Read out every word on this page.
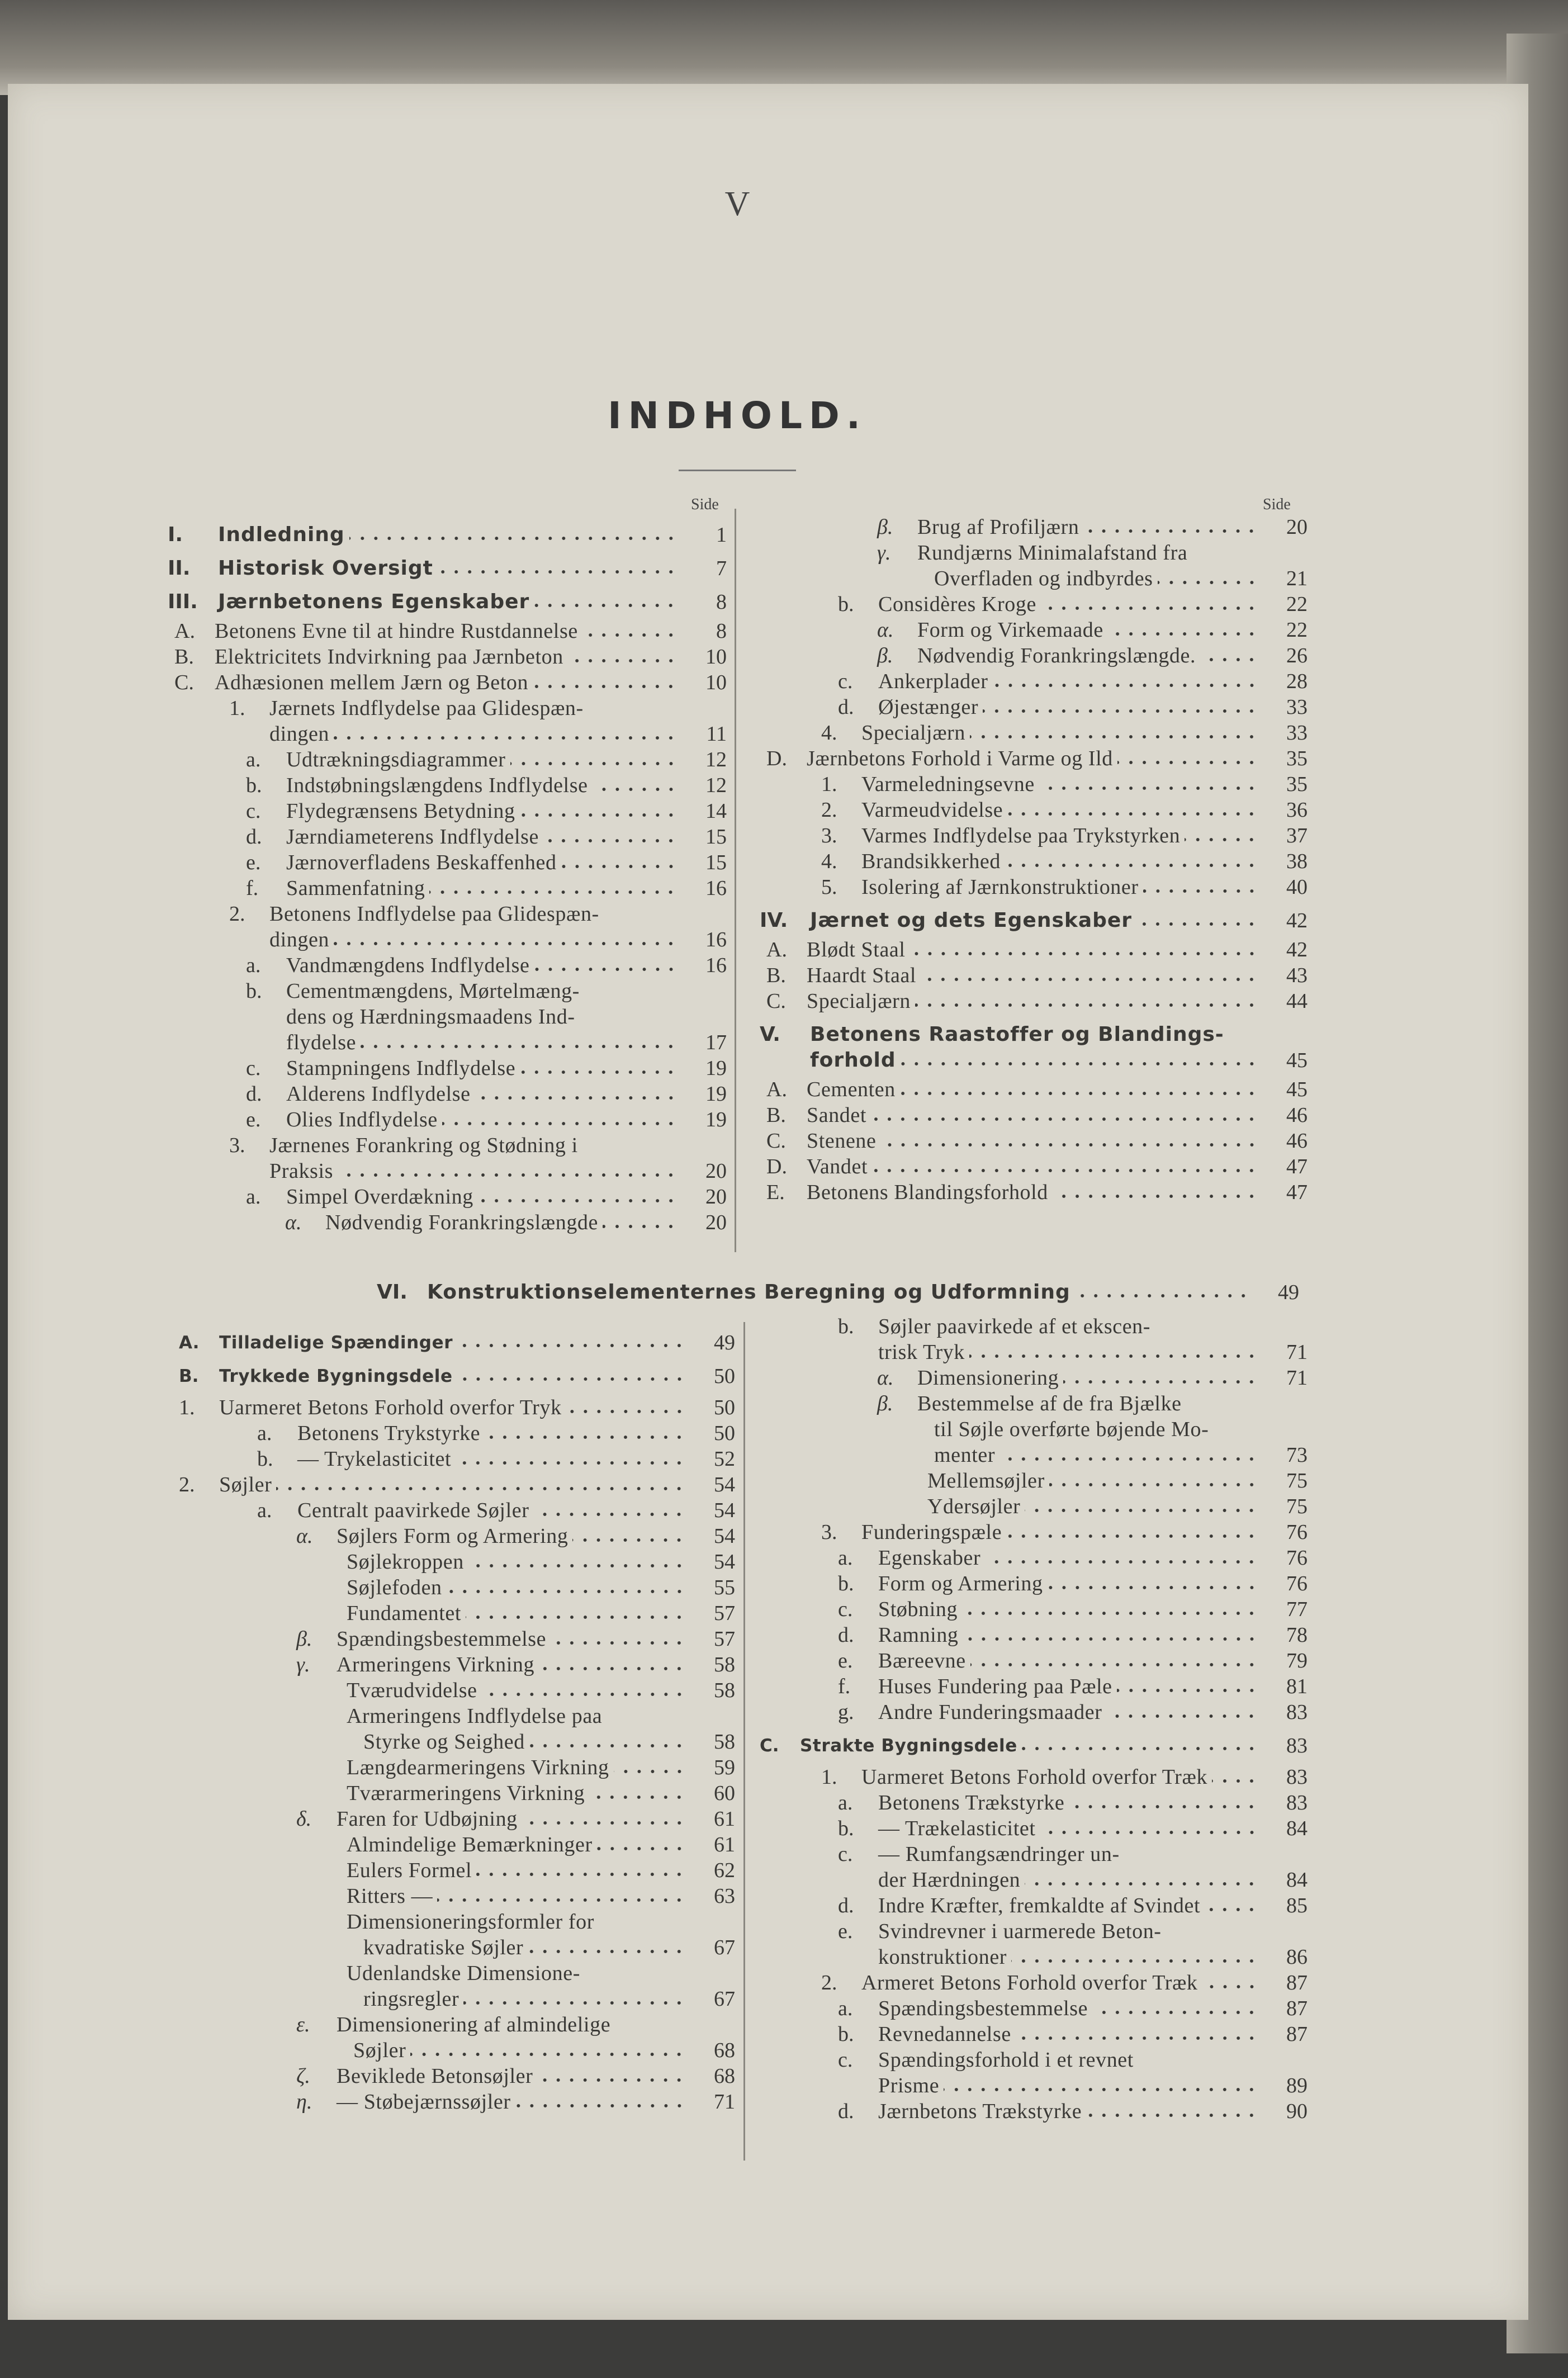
V
INDHOLD.
Side	Side
I.	Indledning	1
II.	Historisk Oversigt	7
III.	Jærnbetonens Egenskaber	8
A. Betonens Evne til at hindre Rustdannelse	8
B. Elektricitets Indvirkning paa Jærnbeton	10
C. Adhæsionen mellem Jærn og Beton	10
1.	Jærnets Indflydelse paa Glidespæn-
dingen	11
a.	Udtrækningsdiagrammer	12
b.	Indstøbningslængdens Indflydelse	12
c.	Flydegrænsens Betydning	14
d.	Jærndiameterens Indflydelse	15
e.	Jærnoverfladens Beskaffenhed	15
f.	Sammenfatning	16
2.	Betonens Indflydelse paa Glidespæn-
dingen	16
a.	Vandmængdens Indflydelse	16
b.	Cementmængdens, Mørtelmæng-
dens og Hærdningsmaadens Ind-
flydelse	17
c.	Stampningens Indflydelse	19
d.	Alderens Indflydelse	19
e.	Olies Indflydelse	19
3.	Jærnenes Forankring og Stødning i
Praksis	20
a.	Simpel Overdækning	20
α.	Nødvendig Forankringslængde	20
β.	Brug af Profiljærn	20
γ.	Rundjærns Minimalafstand fra
Overfladen og indbyrdes	21
b.	Considères Kroge	22
α.	Form og Virkemaade	22
β.	Nødvendig Forankringslængde.	26
c.	Ankerplader	28
d.	Øjestænger	33
4.	Specialjærn	33
D. Jærnbetons Forhold i Varme og Ild	35
1.	Varmeledningsevne	35
2.	Varmeudvidelse	36
3.	Varmes Indflydelse paa Trykstyrken	37
4.	Brandsikkerhed	38
5.	Isolering af Jærnkonstruktioner	40
IV.	Jærnet og dets Egenskaber	42
A. Blødt Staal	42
B. Haardt Staal	43
C. Specialjærn	44
V.	Betonens Raastoffer og Blandings-
forhold	45
A. Cementen	45
B. Sandet	46
C. Stenene	46
D. Vandet	47
E.	Betonens Blandingsforhold	47
VI. Konstruktionselementernes Beregning og Udformning	49
A.	Tilladelige Spændinger	49
B.	Trykkede Bygningsdele	50
1.	Uarmeret Betons Forhold overfor Tryk	50
a.	Betonens Trykstyrke	50
b.	— Trykelasticitet	52
2.	Søjler	54
a.	Centralt paavirkede Søjler	54
α.	Søjlers Form og Armering	54
Søjlekroppen	54
Søjlefoden	55
Fundamentet	57
β.	Spændingsbestemmelse	57
γ.	Armeringens Virkning	58
Tværudvidelse	58
Armeringens Indflydelse paa
Styrke og Seighed	58
Længdearmeringens Virkning	59
Tværarmeringens Virkning	60
δ.	Faren for Udbøjning	61
Almindelige Bemærkninger	61
Eulers Formel	62
Ritters —	63
Dimensioneringsformler for
kvadratiske Søjler	67
Udenlandske Dimensione-
ringsregler	67
ε.	Dimensionering af almindelige
Søjler	68
ζ.	Beviklede Betonsøjler	68
η.	— Støbejærnssøjler	71
b.	Søjler paavirkede af et ekscen-
trisk Tryk	71
α.	Dimensionering	71
β.	Bestemmelse af de fra Bjælke
til Søjle overførte bøjende Mo-
menter	73
Mellemsøjler	75
Ydersøjler	75
3.	Funderingspæle	76
a.	Egenskaber	76
b.	Form og Armering	76
c.	Støbning	77
d.	Ramning	78
e.	Bæreevne	79
f.	Huses Fundering paa Pæle	81
g.	Andre Funderingsmaader	83
C.	Strakte Bygningsdele	83
1.	Uarmeret Betons Forhold overfor Træk	83
a.	Betonens Trækstyrke	83
b.	— Trækelasticitet	84
c.	— Rumfangsændringer un-
der Hærdningen	84
d.	Indre Kræfter, fremkaldte af Svindet	85
e.	Svindrevner i uarmerede Beton-
konstruktioner	86
2.	Armeret Betons Forhold overfor Træk	87
a.	Spændingsbestemmelse	87
b.	Revnedannelse	87
c.	Spændingsforhold i et revnet
Prisme	89
d.	Jærnbetons Trækstyrke	90
